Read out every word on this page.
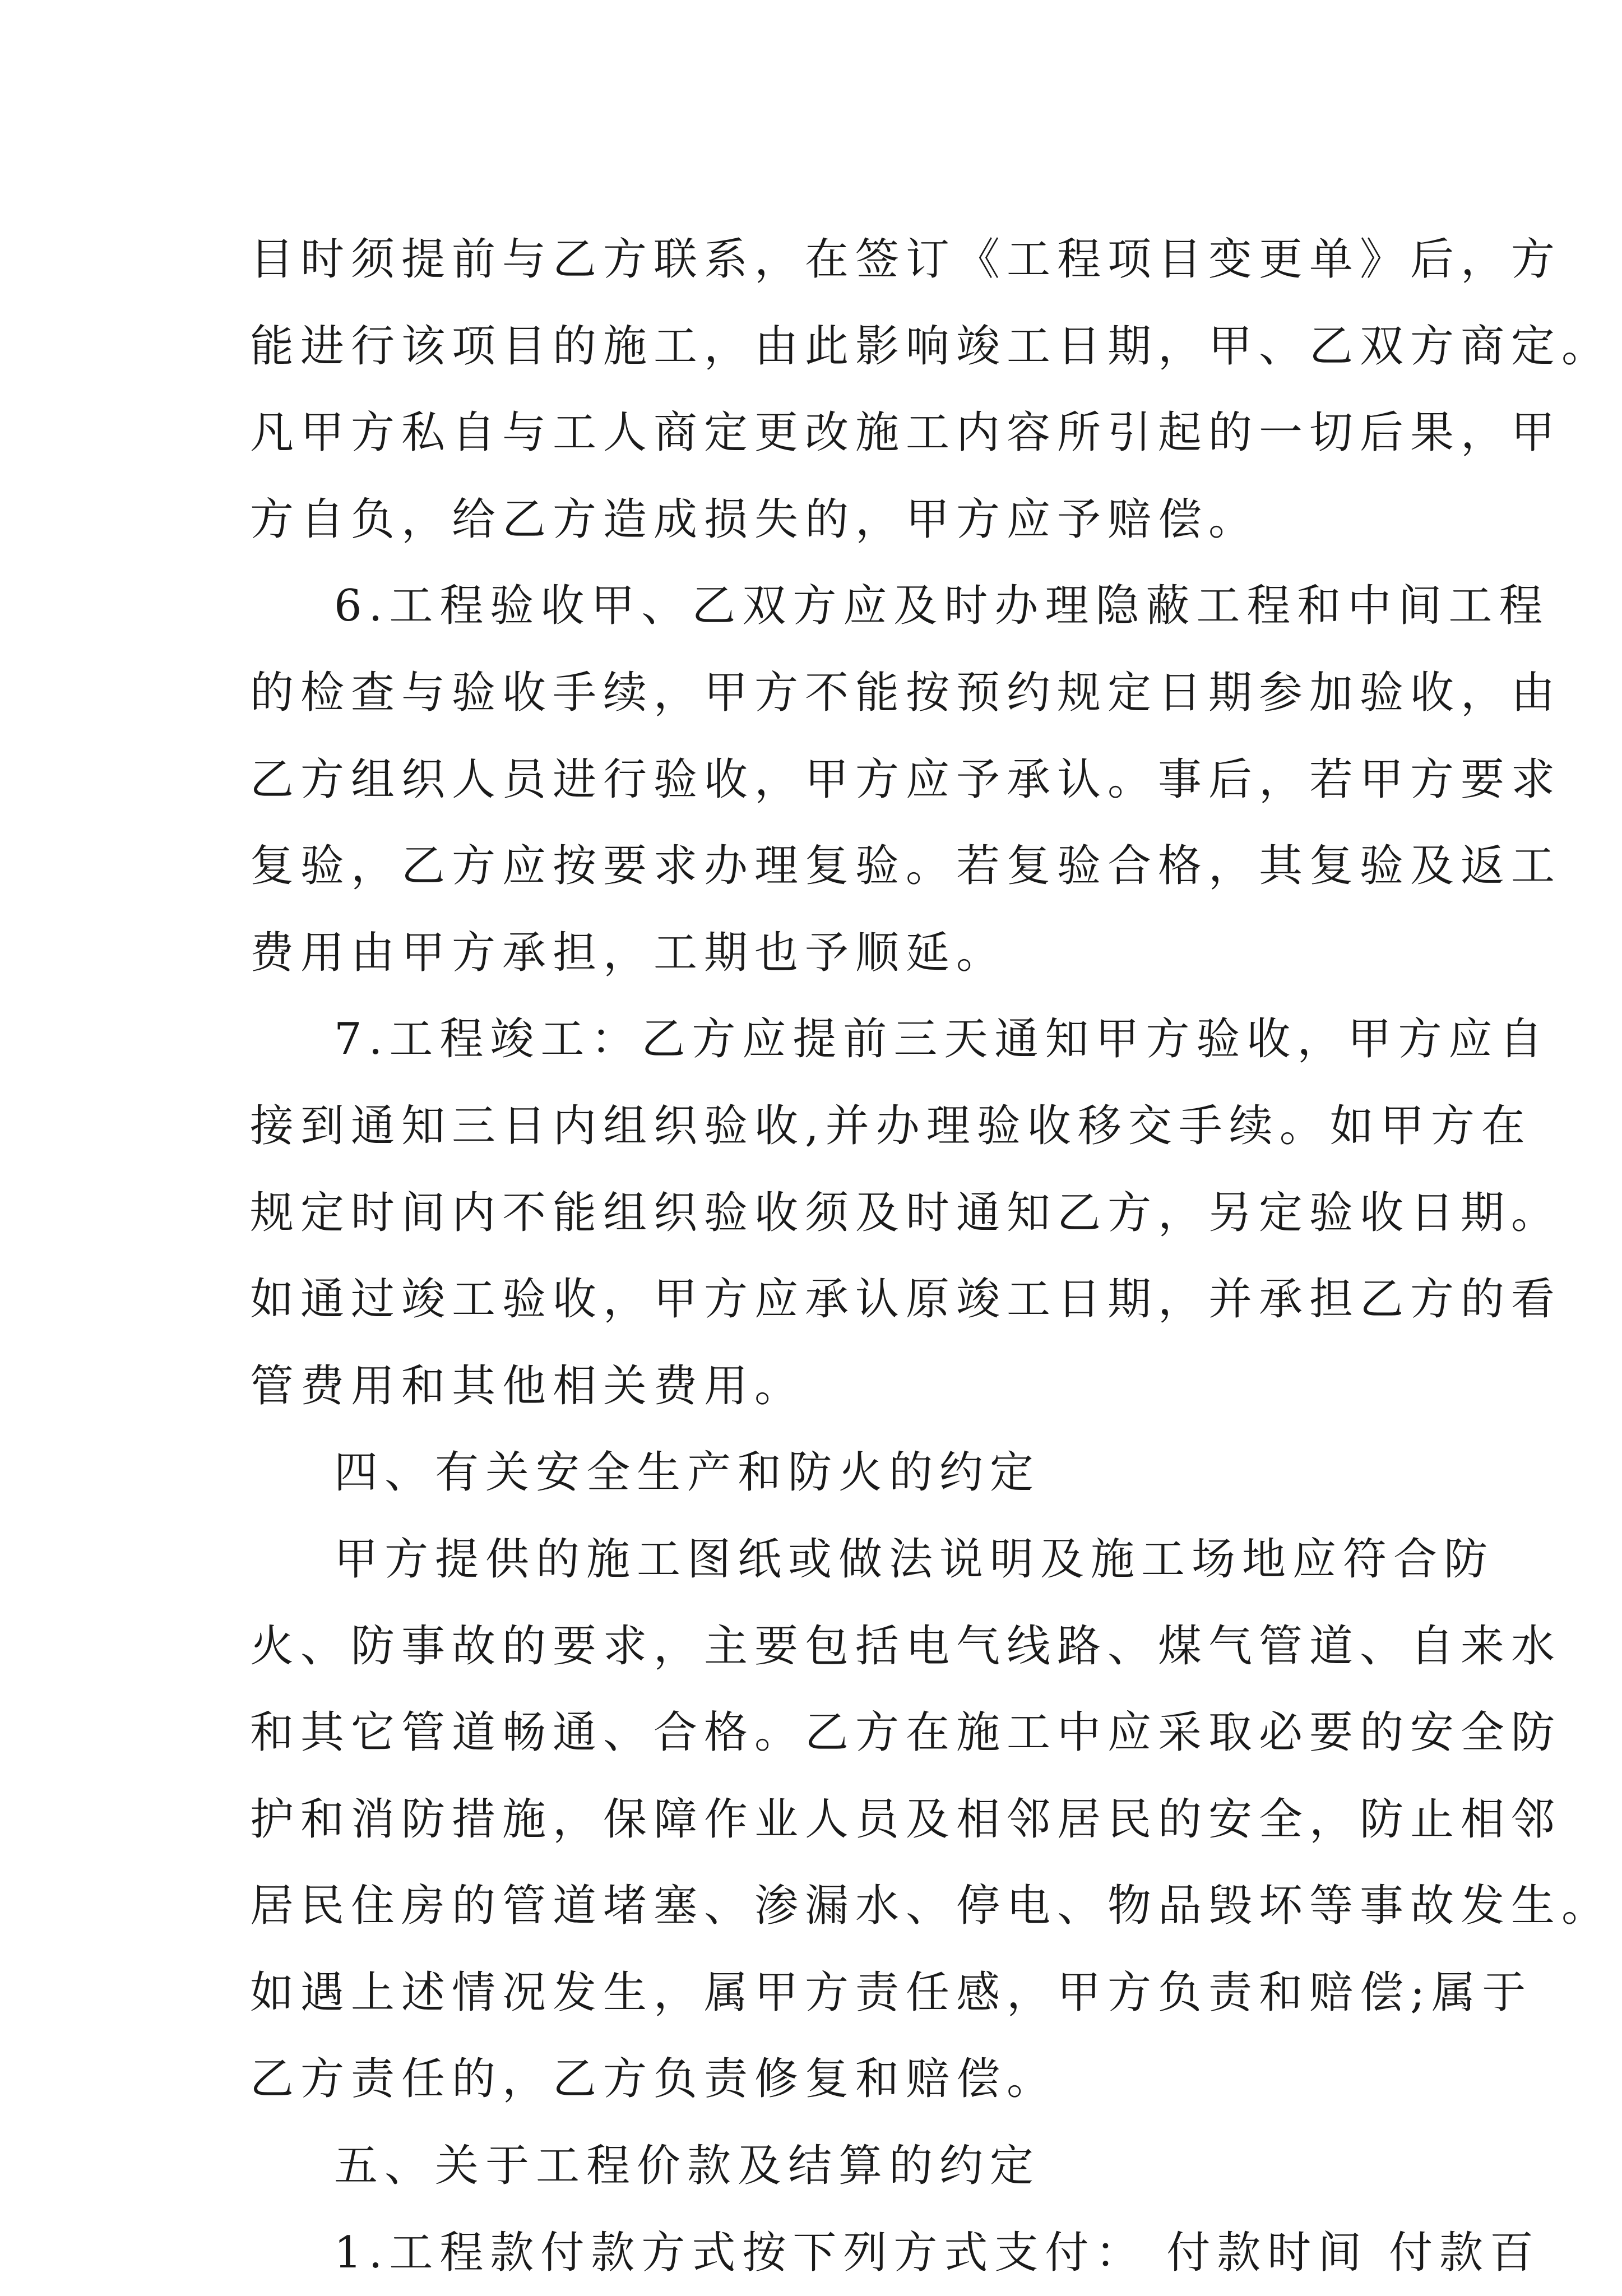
目时须提前与乙方联系，在签订《工程项目变更单》后，方
能进行该项目的施工，由此影响竣工日期，甲、乙双方商定。
凡甲方私自与工人商定更改施工内容所引起的一切后果，甲
方自负，给乙方造成损失的，甲方应予赔偿。
6.工程验收甲、乙双方应及时办理隐蔽工程和中间工程
的检查与验收手续，甲方不能按预约规定日期参加验收，由
乙方组织人员进行验收，甲方应予承认。事后，若甲方要求
复验，乙方应按要求办理复验。若复验合格，其复验及返工
费用由甲方承担，工期也予顺延。
7.工程竣工：乙方应提前三天通知甲方验收，甲方应自
接到通知三日内组织验收,并办理验收移交手续。如甲方在
规定时间内不能组织验收须及时通知乙方，另定验收日期。
如通过竣工验收，甲方应承认原竣工日期，并承担乙方的看
管费用和其他相关费用。
四、有关安全生产和防火的约定
甲方提供的施工图纸或做法说明及施工场地应符合防
火、防事故的要求，主要包括电气线路、煤气管道、自来水
和其它管道畅通、合格。乙方在施工中应采取必要的安全防
护和消防措施，保障作业人员及相邻居民的安全，防止相邻
居民住房的管道堵塞、渗漏水、停电、物品毁坏等事故发生。
如遇上述情况发生，属甲方责任感，甲方负责和赔偿;属于
乙方责任的，乙方负责修复和赔偿。
五、关于工程价款及结算的约定
1.工程款付款方式按下列方式支付： 付款时间 付款百
